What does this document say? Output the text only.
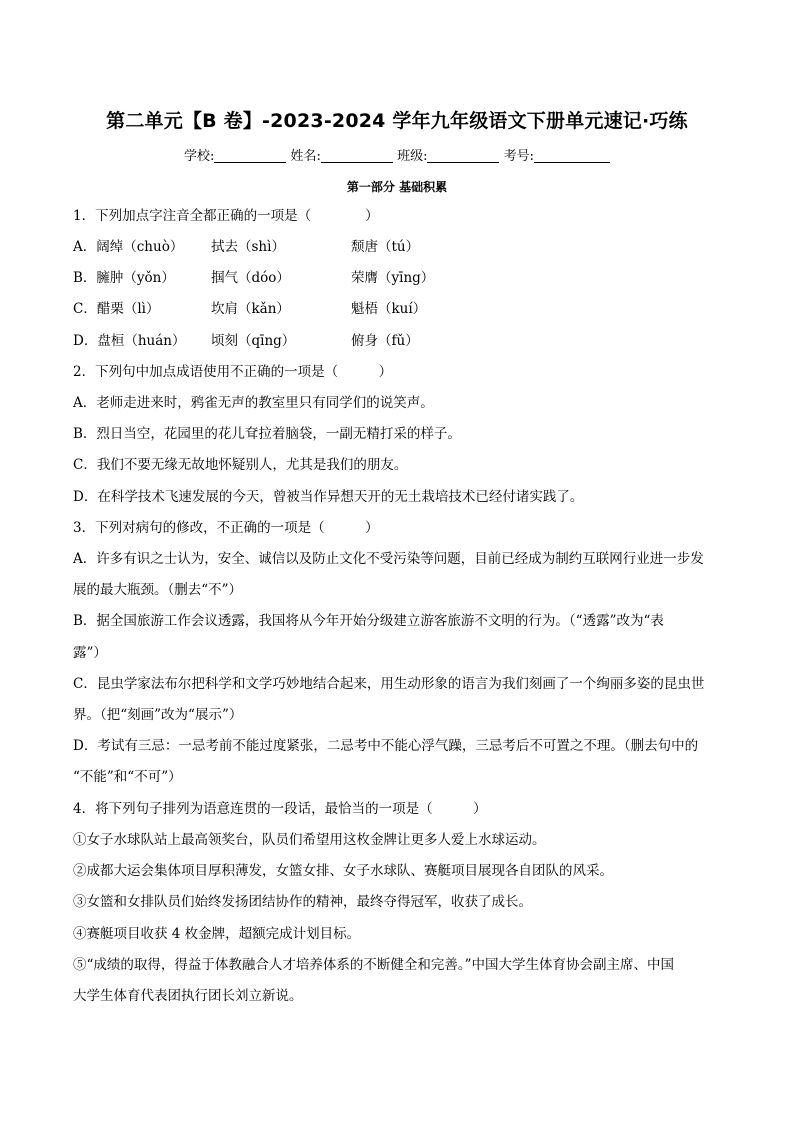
第二单元【B 卷】-2023-2024 学年九年级语文下册单元速记·巧练
学校:	姓名:	班级:	考号:
第一部分 基础积累
1．下列加点字注音全都正确的一项是（　　　　）
A．阔绰（chuò） 拭去（shì）	颓唐（tú）
B．臃肿（yǒn）	掴气（dóo）	荣膺（yīng）
C．醋栗（lì）	坎肩（kǎn）	魁梧（kuí）
D．盘桓（huán） 顷刻（qīng）	俯身（fǔ）
2．下列句中加点成语使用不正确的一项是（　　　）
A．老师走进来时，鸦雀无声的教室里只有同学们的说笑声。
B．烈日当空，花园里的花儿耷拉着脑袋，一副无精打采的样子。
C．我们不要无缘无故地怀疑别人，尤其是我们的朋友。
D．在科学技术飞速发展的今天，曾被当作异想天开的无土栽培技术已经付诸实践了。
3．下列对病句的修改，不正确的一项是（　　　）
A．许多有识之士认为，安全、诚信以及防止文化不受污染等问题，目前已经成为制约互联网行业进一步发
展的最大瓶颈。（删去“不”）
B．据全国旅游工作会议透露，我国将从今年开始分级建立游客旅游不文明的行为。（“透露”改为“表
露”）
C．昆虫学家法布尔把科学和文学巧妙地结合起来，用生动形象的语言为我们刻画了一个绚丽多姿的昆虫世
界。（把“刻画”改为“展示”）
D．考试有三忌：一忌考前不能过度紧张，二忌考中不能心浮气躁，三忌考后不可置之不理。（删去句中的
“不能”和“不可”）
4．将下列句子排列为语意连贯的一段话，最恰当的一项是（　　　）
①女子水球队站上最高领奖台，队员们希望用这枚金牌让更多人爱上水球运动。
②成都大运会集体项目厚积薄发，女篮女排、女子水球队、赛艇项目展现各自团队的风采。
③女篮和女排队员们始终发扬团结协作的精神，最终夺得冠军，收获了成长。
④赛艇项目收获 4 枚金牌，超额完成计划目标。
⑤“成绩的取得，得益于体教融合人才培养体系的不断健全和完善。”中国大学生体育协会副主席、中国
大学生体育代表团执行团长刘立新说。
